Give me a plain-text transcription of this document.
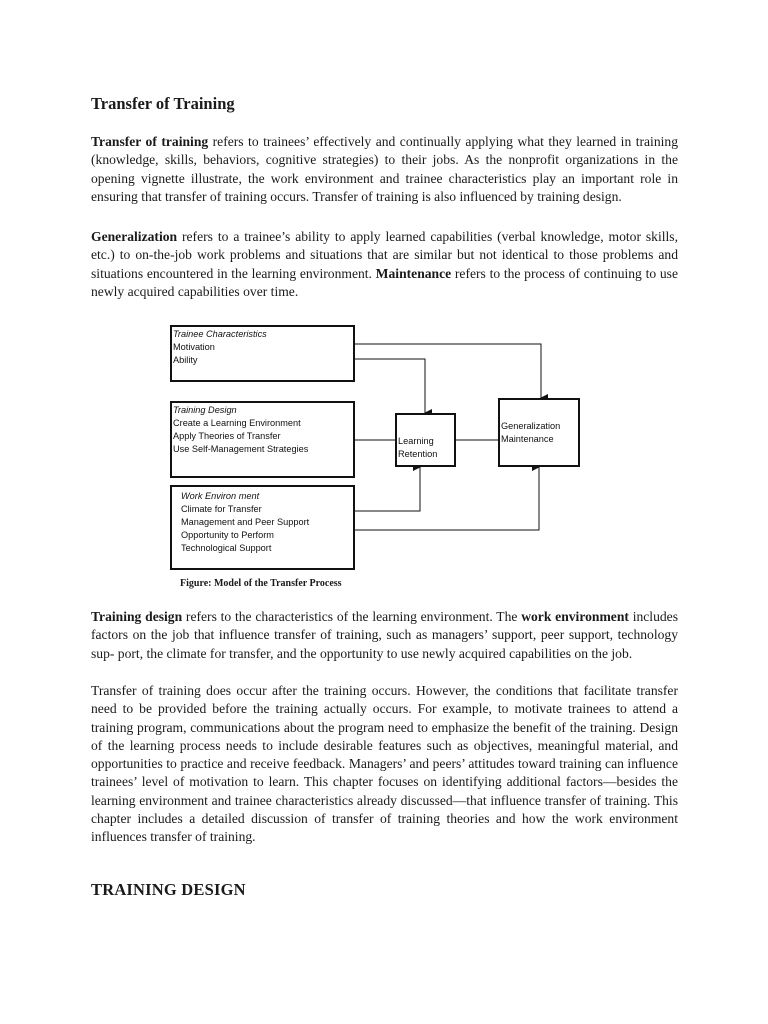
Transfer of Training

Transfer of training refers to trainees’ effectively and continually applying what they learned in training (knowledge, skills, behaviors, cognitive strategies) to their jobs. As the nonprofit organizations in the opening vignette illustrate, the work environment and trainee characteristics play an important role in ensuring that transfer of training occurs. Transfer of training is also influenced by training design.

Generalization refers to a trainee’s ability to apply learned capabilities (verbal knowledge, motor skills, etc.) to on-the-job work problems and situations that are similar but not identical to those problems and situations encountered in the learning environment. Maintenance refers to the process of continuing to use newly acquired capabilities over time.

Trainee Characteristics
Motivation
Ability
Training Design
Create a Learning Environment
Apply Theories of Transfer
Use Self-Management Strategies
Work Environ ment
Climate for Transfer
Management and Peer Support
Opportunity to Perform
Technological Support
Learning
Retention
Generalization
Maintenance

Figure: Model of the Transfer Process

Training design refers to the characteristics of the learning environment. The work environment includes factors on the job that influence transfer of training, such as managers’ support, peer support, technology sup- port, the climate for transfer, and the opportunity to use newly acquired capabilities on the job.

Transfer of training does occur after the training occurs. However, the conditions that facilitate transfer need to be provided before the training actually occurs. For example, to motivate trainees to attend a training program, communications about the program need to emphasize the benefit of the training. Design of the learning process needs to include desirable features such as objectives, meaningful material, and opportunities to practice and receive feedback. Managers’ and peers’ attitudes toward training can influence trainees’ level of motivation to learn. This chapter focuses on identifying additional factors—besides the learning environment and trainee characteristics already discussed—that influence transfer of training. This chapter includes a detailed discussion of transfer of training theories and how the work environment influences transfer of training.

TRAINING DESIGN
